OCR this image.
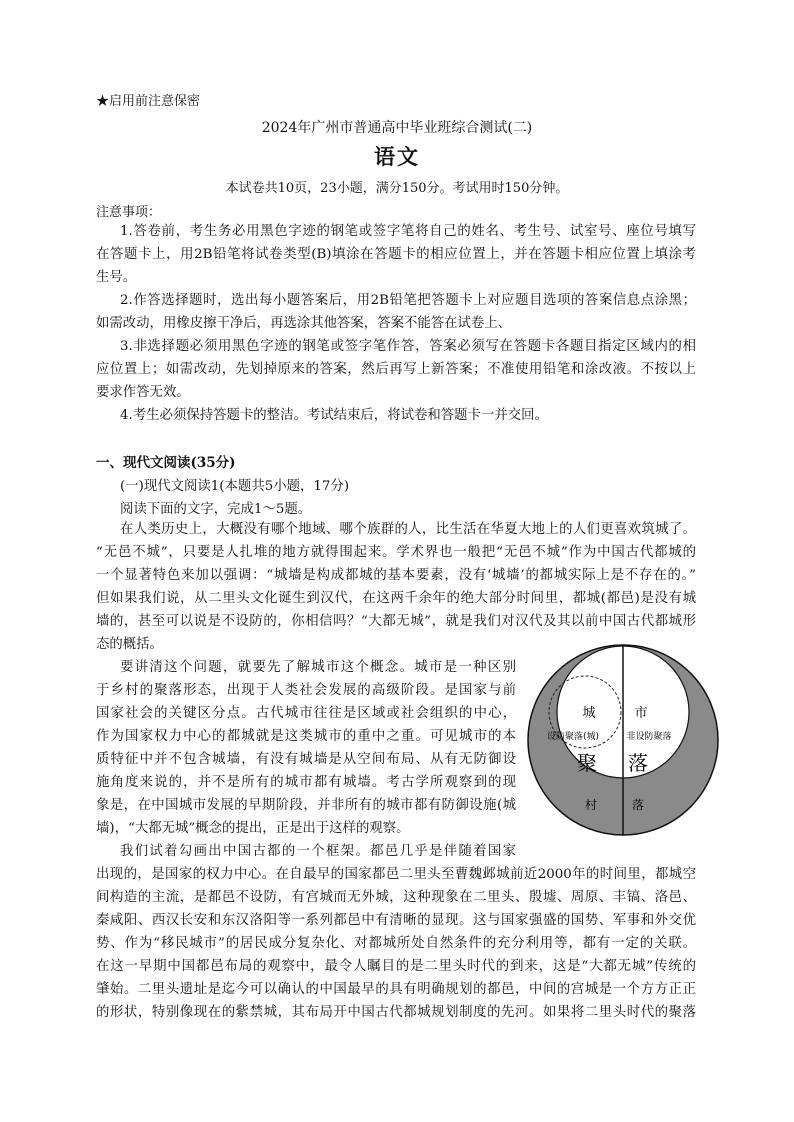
★启用前注意保密
2024年广州市普通高中毕业班综合测试(二)
语文
本试卷共10页，23小题，满分150分。考试用时150分钟。
注意事项：
1.答卷前，考生务必用黑色字迹的钢笔或签字笔将自己的姓名、考生号、试室号、座位号填写
在答题卡上，用2B铅笔将试卷类型(B)填涂在答题卡的相应位置上，并在答题卡相应位置上填涂考
生号。
2.作答选择题时，选出每小题答案后，用2B铅笔把答题卡上对应题目选项的答案信息点涂黑；
如需改动，用橡皮擦干净后，再选涂其他答案，答案不能答在试卷上、
3.非选择题必须用黑色字迹的钢笔或签字笔作答，答案必须写在答题卡各题目指定区域内的相
应位置上；如需改动，先划掉原来的答案，然后再写上新答案；不准使用铅笔和涂改液。不按以上
要求作答无效。
4.考生必须保持答题卡的整洁。考试结束后，将试卷和答题卡一并交回。
一、现代文阅读(35分)
(一)现代文阅读1(本题共5小题，17分)
阅读下面的文字，完成1～5题。
在人类历史上，大概没有哪个地域、哪个族群的人，比生活在华夏大地上的人们更喜欢筑城了。
“无邑不城”，只要是人扎堆的地方就得围起来。学术界也一般把“无邑不城”作为中国古代都城的
一个显著特色来加以强调：“城墙是构成都城的基本要素，没有‘城墙’的都城实际上是不存在的。”
但如果我们说，从二里头文化诞生到汉代，在这两千余年的绝大部分时间里，都城(都邑)是没有城
墙的，甚至可以说是不设防的，你相信吗？“大都无城”，就是我们对汉代及其以前中国古代都城形
态的概括。
要讲清这个问题，就要先了解城市这个概念。城市是一种区别
于乡村的聚落形态，出现于人类社会发展的高级阶段。是国家与前
国家社会的关键区分点。古代城市往往是区域或社会组织的中心，
作为国家权力中心的都城就是这类城市的重中之重。可见城市的本
质特征中并不包含城墙，有没有城墙是从空间布局、从有无防御设
施角度来说的，并不是所有的城市都有城墙。考古学所观察到的现
象是，在中国城市发展的早期阶段，并非所有的城市都有防御设施(城
墙)，“大都无城”概念的提出，正是出于这样的观察。
我们试着勾画出中国古都的一个框架。都邑几乎是伴随着国家
出现的，是国家的权力中心。在自最早的国家都邑二里头至曹魏邺城前近2000年的时间里，都城空
间构造的主流，是都邑不设防，有宫城而无外城，这种现象在二里头、殷墟、周原、丰镐、洛邑、
秦咸阳、西汉长安和东汉洛阳等一系列都邑中有清晰的显现。这与国家强盛的国势、军事和外交优
势、作为“移民城市”的居民成分复杂化、对都城所处自然条件的充分利用等，都有一定的关联。
在这一早期中国都邑布局的观察中，最令人瞩目的是二里头时代的到来，这是“大都无城”传统的
肇始。二里头遗址是迄今可以确认的中国最早的具有明确规划的都邑，中间的宫城是一个方方正正
的形状，特别像现在的紫禁城，其布局开中国古代都城规划制度的先河。如果将二里头时代的聚落
城	市
设防聚落(城)	非设防聚落
聚 落
村	落
